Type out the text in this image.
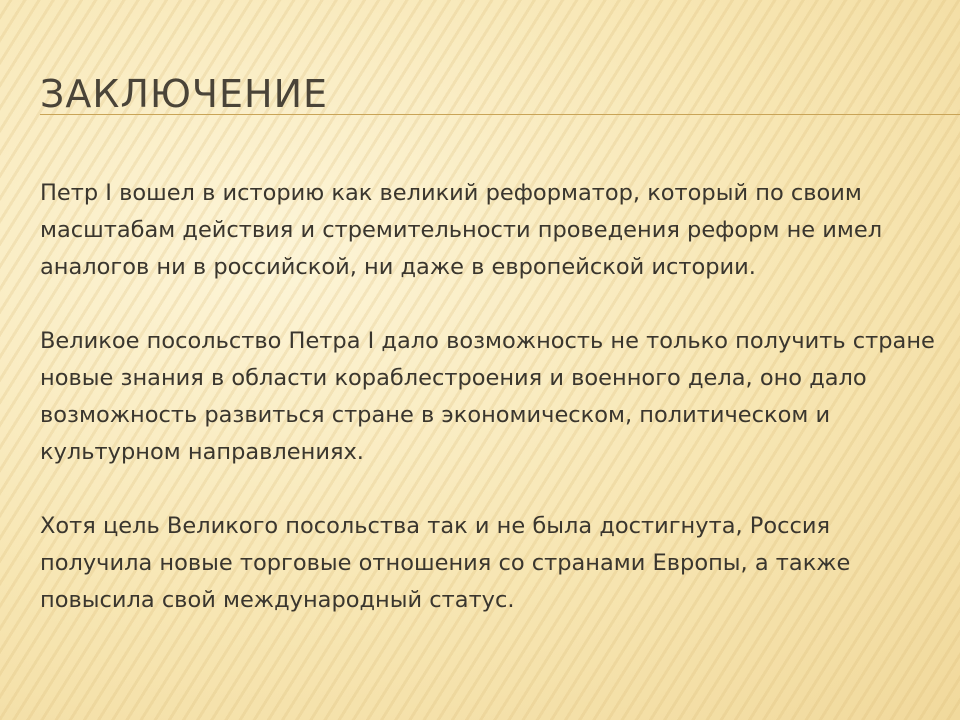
ЗАКЛЮЧЕНИЕ

Петр I вошел в историю как великий реформатор, который по своим масштабам действия и стремительности проведения реформ не имел аналогов ни в российской, ни даже в европейской истории.

Великое посольство Петра I дало возможность не только получить стране новые знания в области кораблестроения и военного дела, оно дало возможность развиться стране в экономическом, политическом и культурном направлениях.

Хотя цель Великого посольства так и не была достигнута, Россия получила новые торговые отношения со странами Европы, а также повысила свой международный статус.
